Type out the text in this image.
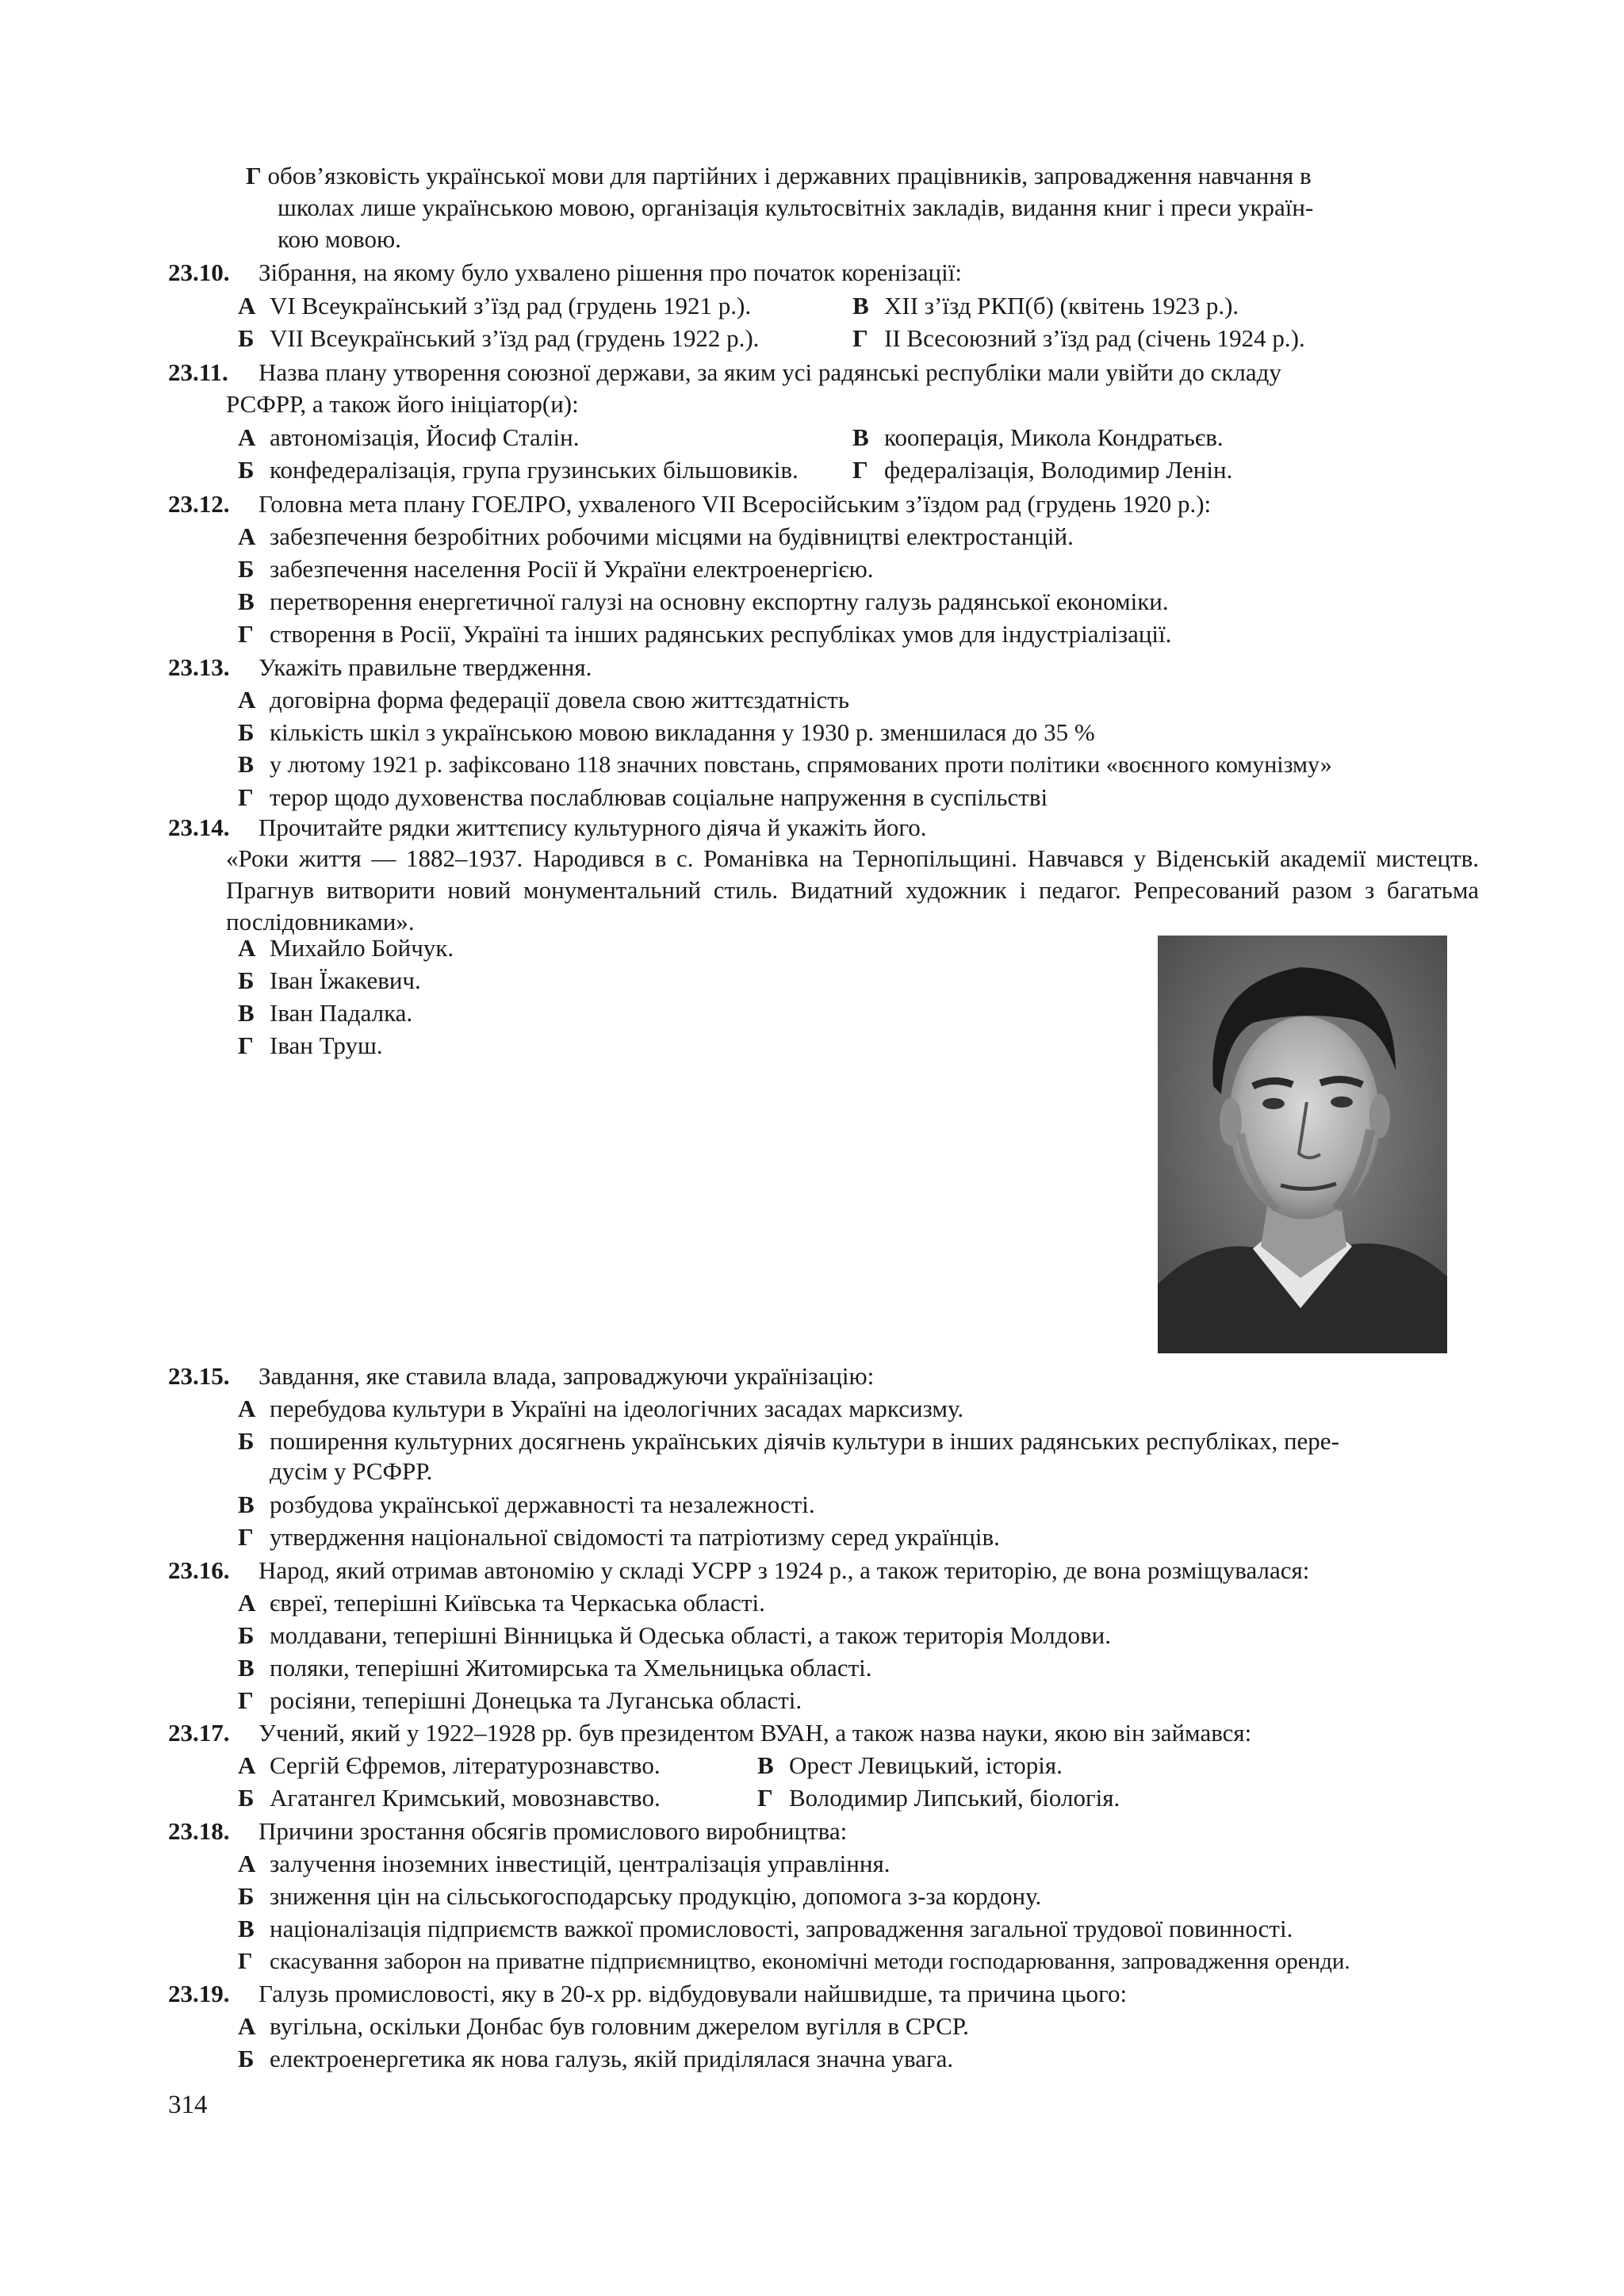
Г обов’язковість української мови для партійних і державних працівників, запровадження навчання в
школах лише українською мовою, організація культосвітніх закладів, видання книг і преси україн-
кою мовою.
23.10. Зібрання, на якому було ухвалено рішення про початок коренізації:
А VI Всеукраїнський з’їзд рад (грудень 1921 р.).	В XII з’їзд РКП(б) (квітень 1923 р.).
Б VII Всеукраїнський з’їзд рад (грудень 1922 р.).	Г II Всесоюзний з’їзд рад (січень 1924 р.).
23.11. Назва плану утворення союзної держави, за яким усі радянські республіки мали увійти до складу
РСФРР, а також його ініціатор(и):
А автономізація, Йосиф Сталін.	В кооперація, Микола Кондратьєв.
Б конфедералізація, група грузинських більшовиків. Г федералізація, Володимир Ленін.
23.12. Головна мета плану ГОЕЛРО, ухваленого VII Всеросійським з’їздом рад (грудень 1920 р.):
А забезпечення безробітних робочими місцями на будівництві електростанцій.
Б забезпечення населення Росії й України електроенергією.
В перетворення енергетичної галузі на основну експортну галузь радянської економіки.
Г створення в Росії, Україні та інших радянських республіках умов для індустріалізації.
23.13. Укажіть правильне твердження.
А договірна форма федерації довела свою життєздатність
Б кількість шкіл з українською мовою викладання у 1930 р. зменшилася до 35 %
В у лютому 1921 р. зафіксовано 118 значних повстань, спрямованих проти політики «воєнного комунізму»
Г терор щодо духовенства послаблював соціальне напруження в суспільстві
23.14. Прочитайте рядки життєпису культурного діяча й укажіть його.
«Роки життя — 1882–1937. Народився в с. Романівка на Тернопільщині. Навчався у Віденській академії мистецтв. Прагнув витворити новий монументальний стиль. Видатний художник і педагог. Репресований разом з багатьма послідовниками».
А Михайло Бойчук.
Б Іван Їжакевич.
В Іван Падалка.
Г Іван Труш.
23.15. Завдання, яке ставила влада, запроваджуючи українізацію:
А перебудова культури в Україні на ідеологічних засадах марксизму.
Б поширення культурних досягнень українських діячів культури в інших радянських республіках, пере-
дусім у РСФРР.
В розбудова української державності та незалежності.
Г утвердження національної свідомості та патріотизму серед українців.
23.16. Народ, який отримав автономію у складі УСРР з 1924 р., а також територію, де вона розміщувалася:
А євреї, теперішні Київська та Черкаська області.
Б молдавани, теперішні Вінницька й Одеська області, а також територія Молдови.
В поляки, теперішні Житомирська та Хмельницька області.
Г росіяни, теперішні Донецька та Луганська області.
23.17. Учений, який у 1922–1928 рр. був президентом ВУАН, а також назва науки, якою він займався:
А Сергій Єфремов, літературознавство.	В Орест Левицький, історія.
Б Агатангел Кримський, мовознавство.	Г Володимир Липський, біологія.
23.18. Причини зростання обсягів промислового виробництва:
А залучення іноземних інвестицій, централізація управління.
Б зниження цін на сільськогосподарську продукцію, допомога з-за кордону.
В націоналізація підприємств важкої промисловості, запровадження загальної трудової повинності.
Г скасування заборон на приватне підприємництво, економічні методи господарювання, запровадження оренди.
23.19. Галузь промисловості, яку в 20-х рр. відбудовували найшвидше, та причина цього:
А вугільна, оскільки Донбас був головним джерелом вугілля в СРСР.
Б електроенергетика як нова галузь, якій приділялася значна увага.
314
